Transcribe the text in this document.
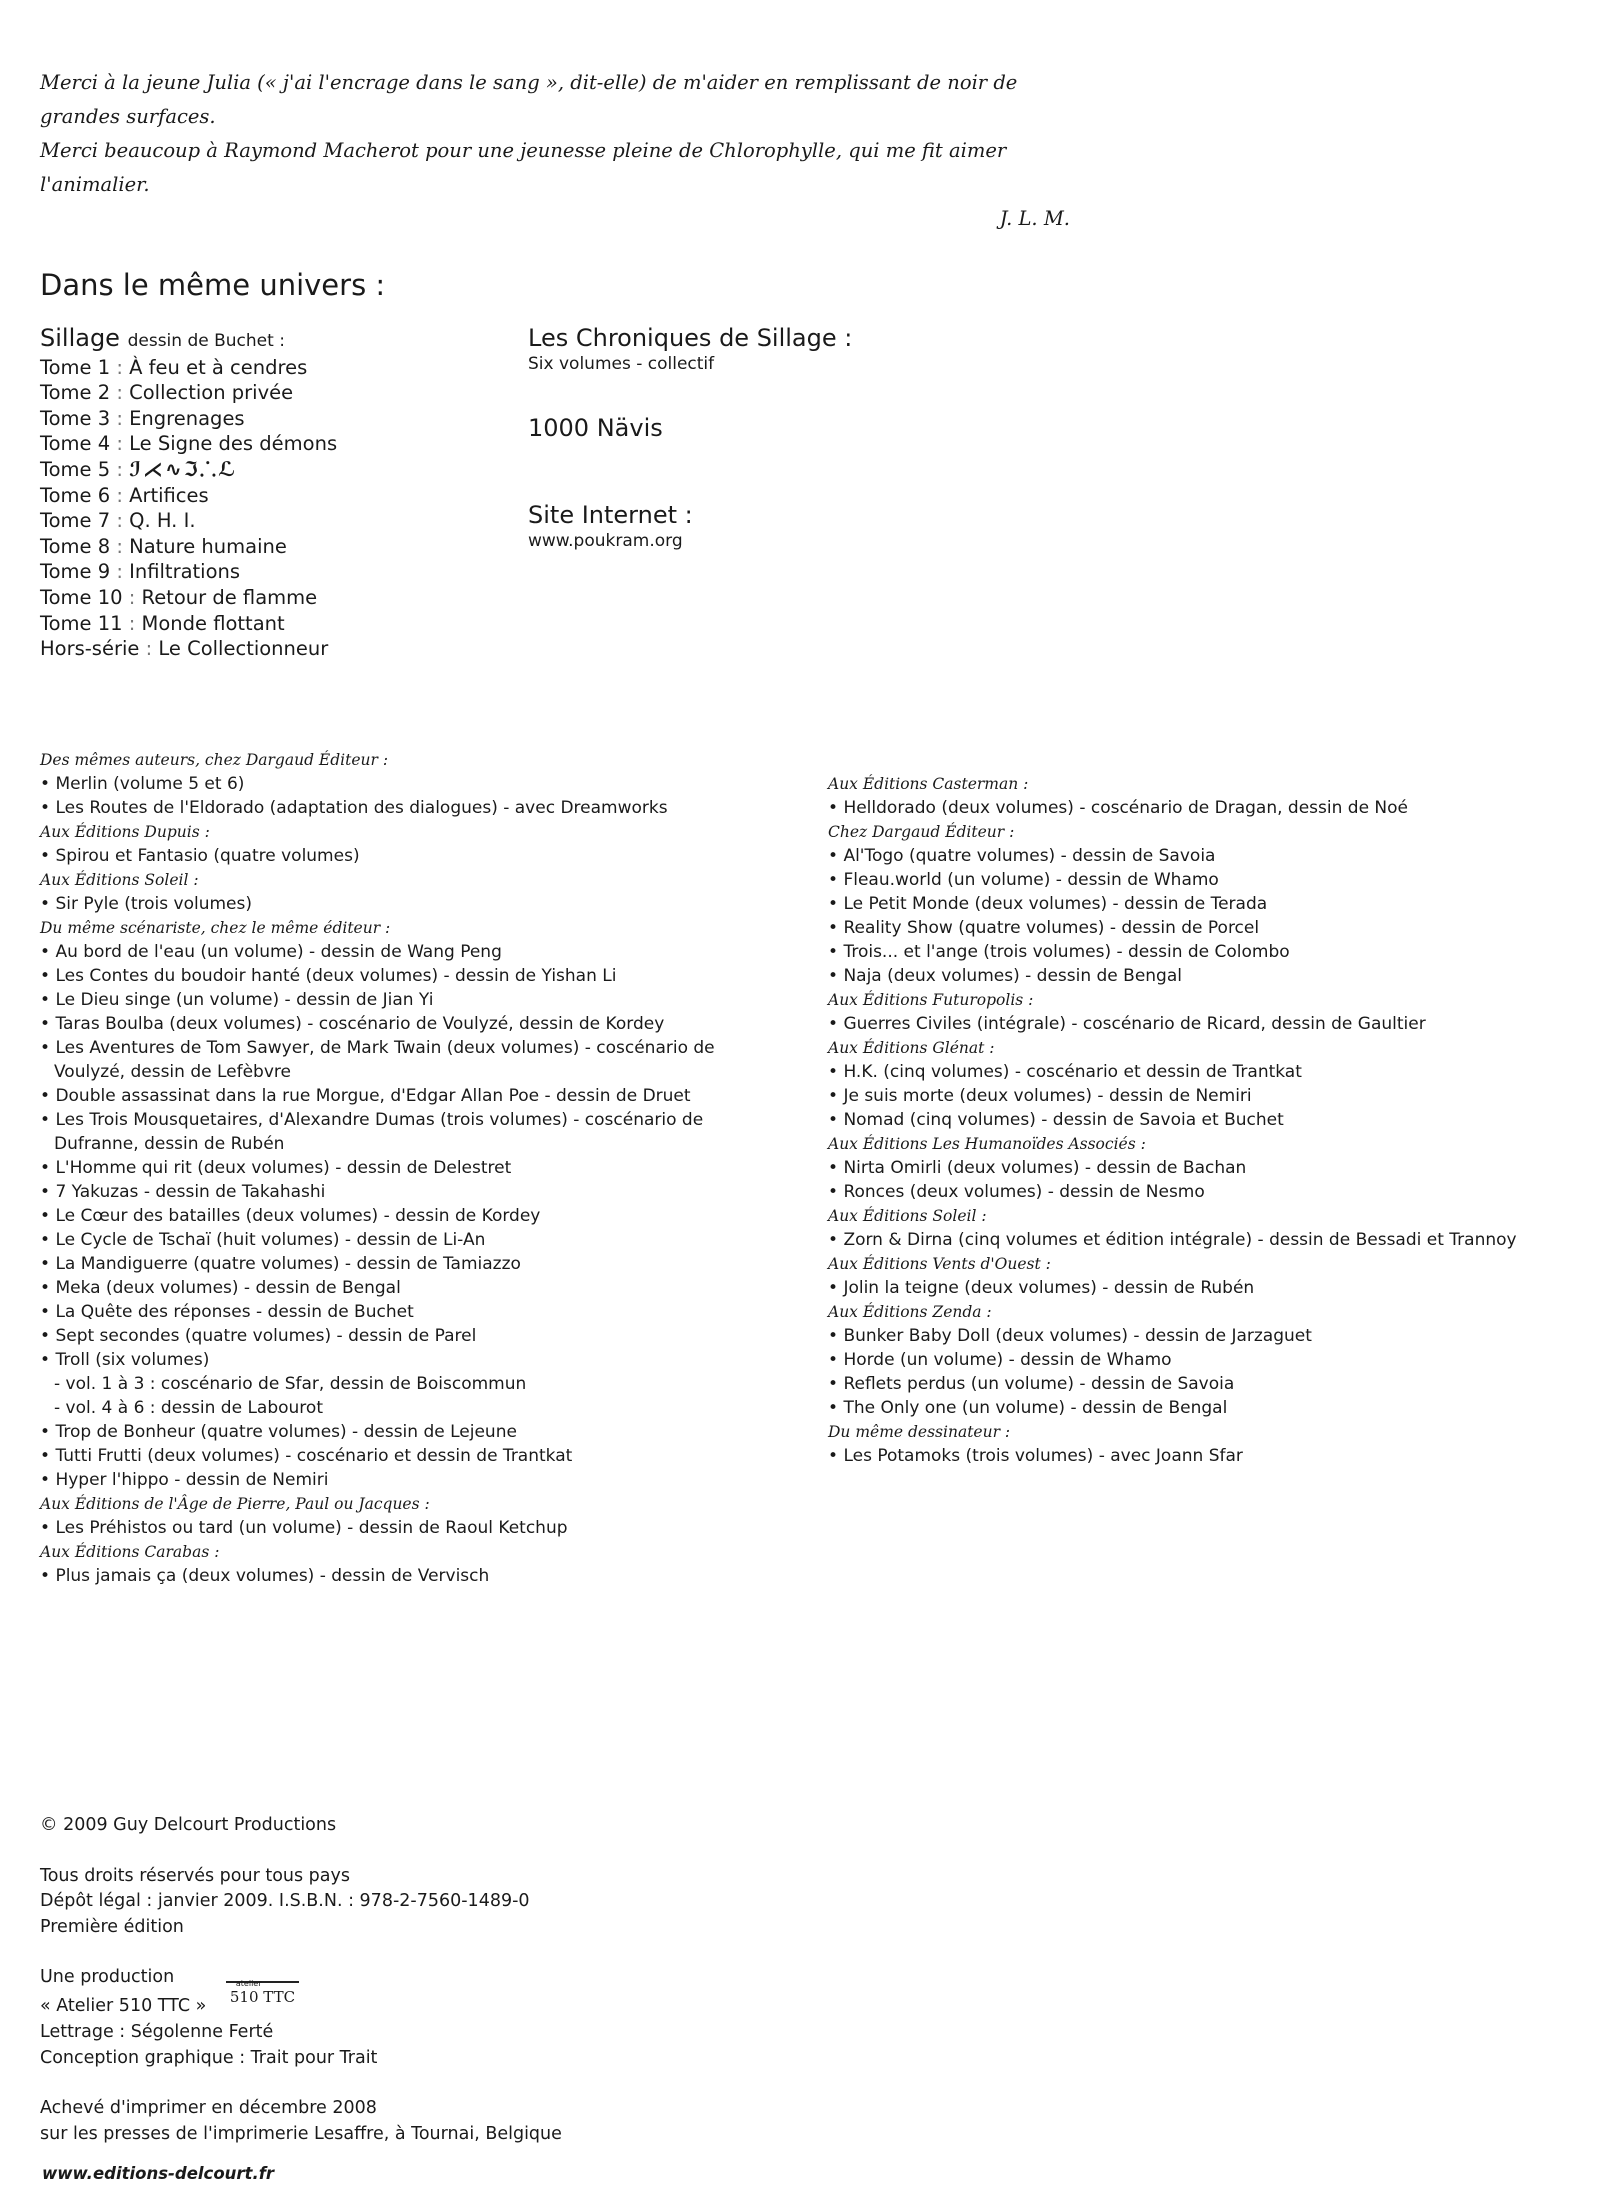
Merci à la jeune Julia (« j'ai l'encrage dans le sang », dit-elle) de m'aider en remplissant de noir de grandes surfaces.
Merci beaucoup à Raymond Macherot pour une jeunesse pleine de Chlorophylle, qui me fit aimer l'animalier.
J. L. M.
Dans le même univers :
Sillage dessin de Buchet :
Tome 1 : À feu et à cendres
Tome 2 : Collection privée
Tome 3 : Engrenages
Tome 4 : Le Signe des démons
Tome 5 : ℐ⋌∿ℑ⸫ℒ
Tome 6 : Artifices
Tome 7 : Q. H. I.
Tome 8 : Nature humaine
Tome 9 : Infiltrations
Tome 10 : Retour de flamme
Tome 11 : Monde flottant
Hors-série : Le Collectionneur
Les Chroniques de Sillage :
Six volumes - collectif
1000 Nävis
Site Internet :
www.poukram.org
Des mêmes auteurs, chez Dargaud Éditeur :
• Merlin (volume 5 et 6)
• Les Routes de l'Eldorado (adaptation des dialogues) - avec Dreamworks
Aux Éditions Dupuis :
• Spirou et Fantasio (quatre volumes)
Aux Éditions Soleil :
• Sir Pyle (trois volumes)
Du même scénariste, chez le même éditeur :
• Au bord de l'eau (un volume) - dessin de Wang Peng
• Les Contes du boudoir hanté (deux volumes) - dessin de Yishan Li
• Le Dieu singe (un volume) - dessin de Jian Yi
• Taras Boulba (deux volumes) - coscénario de Voulyzé, dessin de Kordey
• Les Aventures de Tom Sawyer, de Mark Twain (deux volumes) - coscénario de Voulyzé, dessin de Lefèbvre
• Double assassinat dans la rue Morgue, d'Edgar Allan Poe - dessin de Druet
• Les Trois Mousquetaires, d'Alexandre Dumas (trois volumes) - coscénario de Dufranne, dessin de Rubén
• L'Homme qui rit (deux volumes) - dessin de Delestret
• 7 Yakuzas - dessin de Takahashi
• Le Cœur des batailles (deux volumes) - dessin de Kordey
• Le Cycle de Tschaï (huit volumes) - dessin de Li-An
• La Mandiguerre (quatre volumes) - dessin de Tamiazzo
• Meka (deux volumes) - dessin de Bengal
• La Quête des réponses - dessin de Buchet
• Sept secondes (quatre volumes) - dessin de Parel
• Troll (six volumes)
- vol. 1 à 3 : coscénario de Sfar, dessin de Boiscommun
- vol. 4 à 6 : dessin de Labourot
• Trop de Bonheur (quatre volumes) - dessin de Lejeune
• Tutti Frutti (deux volumes) - coscénario et dessin de Trantkat
• Hyper l'hippo - dessin de Nemiri
Aux Éditions de l'Âge de Pierre, Paul ou Jacques :
• Les Préhistos ou tard (un volume) - dessin de Raoul Ketchup
Aux Éditions Carabas :
• Plus jamais ça (deux volumes) - dessin de Vervisch
Aux Éditions Casterman :
• Helldorado (deux volumes) - coscénario de Dragan, dessin de Noé
Chez Dargaud Éditeur :
• Al'Togo (quatre volumes) - dessin de Savoia
• Fleau.world (un volume) - dessin de Whamo
• Le Petit Monde (deux volumes) - dessin de Terada
• Reality Show (quatre volumes) - dessin de Porcel
• Trois... et l'ange (trois volumes) - dessin de Colombo
• Naja (deux volumes) - dessin de Bengal
Aux Éditions Futuropolis :
• Guerres Civiles (intégrale) - coscénario de Ricard, dessin de Gaultier
Aux Éditions Glénat :
• H.K. (cinq volumes) - coscénario et dessin de Trantkat
• Je suis morte (deux volumes) - dessin de Nemiri
• Nomad (cinq volumes) - dessin de Savoia et Buchet
Aux Éditions Les Humanoïdes Associés :
• Nirta Omirli (deux volumes) - dessin de Bachan
• Ronces (deux volumes) - dessin de Nesmo
Aux Éditions Soleil :
• Zorn & Dirna (cinq volumes et édition intégrale) - dessin de Bessadi et Trannoy
Aux Éditions Vents d'Ouest :
• Jolin la teigne (deux volumes) - dessin de Rubén
Aux Éditions Zenda :
• Bunker Baby Doll (deux volumes) - dessin de Jarzaguet
• Horde (un volume) - dessin de Whamo
• Reflets perdus (un volume) - dessin de Savoia
• The Only one (un volume) - dessin de Bengal
Du même dessinateur :
• Les Potamoks (trois volumes) - avec Joann Sfar
© 2009 Guy Delcourt Productions
Tous droits réservés pour tous pays
Dépôt légal : janvier 2009. I.S.B.N. : 978-2-7560-1489-0
Première édition
Une production
« Atelier 510 TTC »
atelier
510 TTC
Lettrage : Ségolenne Ferté
Conception graphique : Trait pour Trait
Achevé d'imprimer en décembre 2008
sur les presses de l'imprimerie Lesaffre, à Tournai, Belgique
www.editions-delcourt.fr
